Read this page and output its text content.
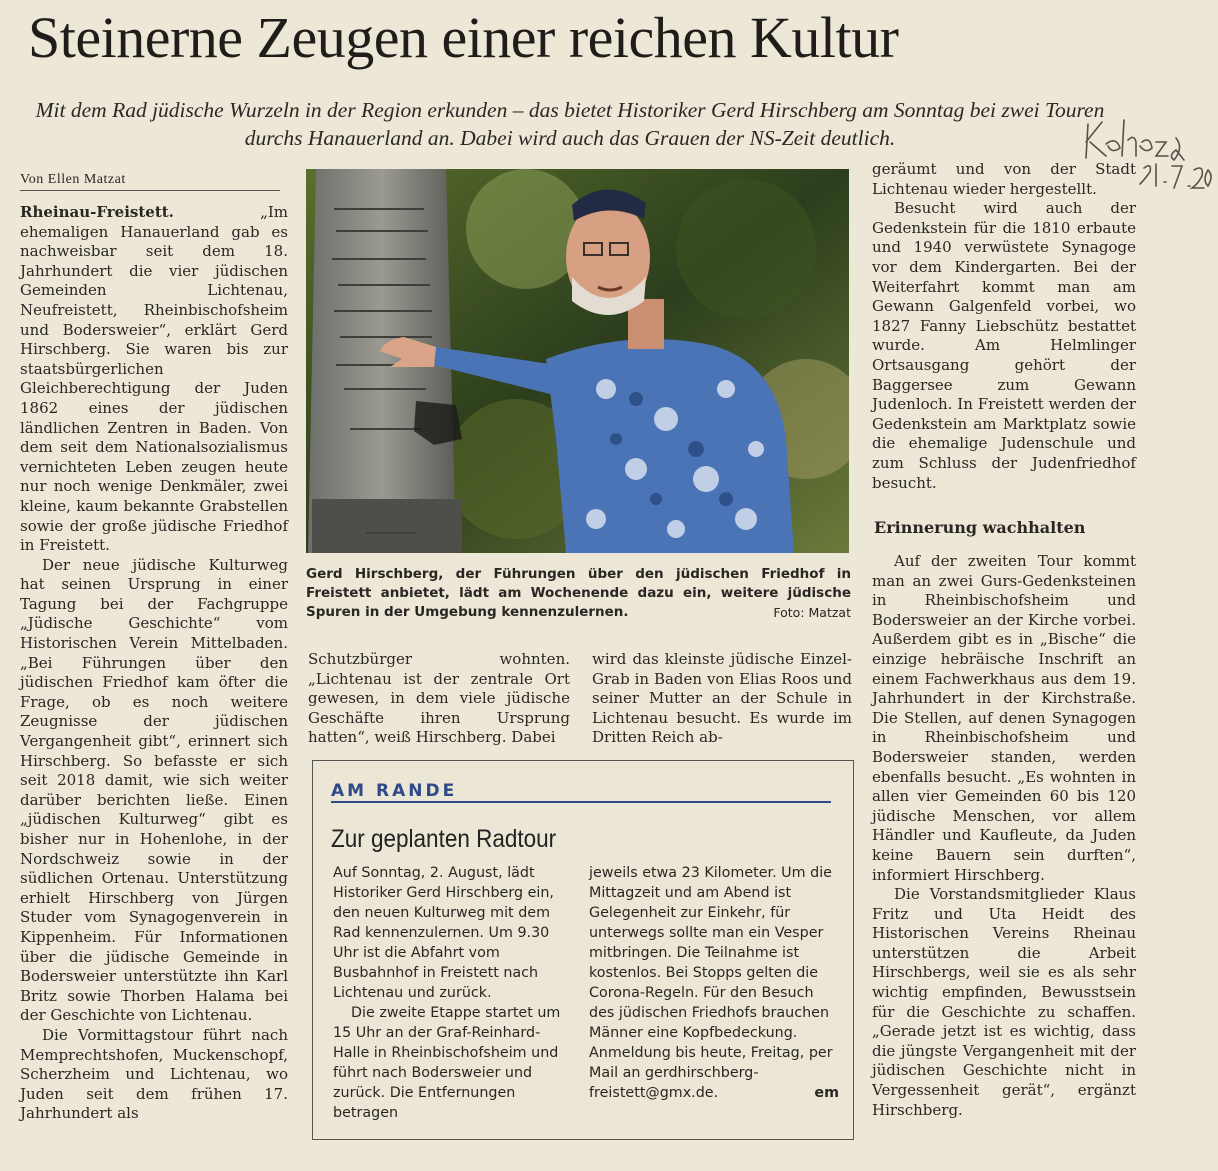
Steinerne Zeugen einer reichen Kultur
Mit dem Rad jüdische Wurzeln in der Region erkunden – das bietet Historiker Gerd Hirschberg am Sonntag bei zwei Touren durchs Hanauerland an. Dabei wird auch das Grauen der NS-Zeit deutlich.
Von Ellen Matzat

Rheinau-Freistett. „Im ehemaligen Hanauerland gab es nachweisbar seit dem 18. Jahrhundert die vier jüdischen Gemeinden Lichtenau, Neufreistett, Rheinbischofsheim und Bodersweier“, erklärt Gerd Hirschberg. Sie waren bis zur staatsbürgerlichen Gleichberechtigung der Juden 1862 eines der jüdischen ländlichen Zentren in Baden. Von dem seit dem Nationalsozialismus vernichteten Leben zeugen heute nur noch wenige Denkmäler, zwei kleine, kaum bekannte Grabstellen sowie der große jüdische Friedhof in Freistett.

Der neue jüdische Kulturweg hat seinen Ursprung in einer Tagung bei der Fachgruppe „Jüdische Geschichte“ vom Historischen Verein Mittelbaden. „Bei Führungen über den jüdischen Friedhof kam öfter die Frage, ob es noch weitere Zeugnisse der jüdischen Vergangenheit gibt“, erinnert sich Hirschberg. So befasste er sich seit 2018 damit, wie sich weiter darüber berichten ließe. Einen „jüdischen Kulturweg“ gibt es bisher nur in Hohenlohe, in der Nordschweiz sowie in der südlichen Ortenau. Unterstützung erhielt Hirschberg von Jürgen Studer vom Synagogenverein in Kippenheim. Für Informationen über die jüdische Gemeinde in Bodersweier unterstützte ihn Karl Britz sowie Thorben Halama bei der Geschichte von Lichtenau.

Die Vormittagstour führt nach Memprechtshofen, Muckenschopf, Scherzheim und Lichtenau, wo Juden seit dem frühen 17. Jahrhundert als

Gerd Hirschberg, der Führungen über den jüdischen Friedhof in Freistett anbietet, lädt am Wochenende dazu ein, weitere jüdische Spuren in der Umgebung kennenzulernen.	Foto: Matzat

Schutzbürger wohnten. „Lichtenau ist der zentrale Ort gewesen, in dem viele jüdische Geschäfte ihren Ursprung hatten“, weiß Hirschberg. Dabei

wird das kleinste jüdische Einzel-Grab in Baden von Elias Roos und seiner Mutter an der Schule in Lichtenau besucht. Es wurde im Dritten Reich ab-

geräumt und von der Stadt Lichtenau wieder hergestellt.

Besucht wird auch der Gedenkstein für die 1810 erbaute und 1940 verwüstete Synagoge vor dem Kindergarten. Bei der Weiterfahrt kommt man am Gewann Galgenfeld vorbei, wo 1827 Fanny Liebschütz bestattet wurde. Am Helmlinger Ortsausgang gehört der Baggersee zum Gewann Judenloch. In Freistett werden der Gedenkstein am Marktplatz sowie die ehemalige Judenschule und zum Schluss der Judenfriedhof besucht.

Erinnerung wachhalten

Auf der zweiten Tour kommt man an zwei Gurs-Gedenksteinen in Rheinbischofsheim und Bodersweier an der Kirche vorbei. Außerdem gibt es in „Bische“ die einzige hebräische Inschrift an einem Fachwerkhaus aus dem 19. Jahrhundert in der Kirchstraße. Die Stellen, auf denen Synagogen in Rheinbischofsheim und Bodersweier standen, werden ebenfalls besucht. „Es wohnten in allen vier Gemeinden 60 bis 120 jüdische Menschen, vor allem Händler und Kaufleute, da Juden keine Bauern sein durften“, informiert Hirschberg.

Die Vorstandsmitglieder Klaus Fritz und Uta Heidt des Historischen Vereins Rheinau unterstützen die Arbeit Hirschbergs, weil sie es als sehr wichtig empfinden, Bewusstsein für die Geschichte zu schaffen. „Gerade jetzt ist es wichtig, dass die jüngste Vergangenheit mit der jüdischen Geschichte nicht in Vergessenheit gerät“, ergänzt Hirschberg.

AM RANDE
Zur geplanten Radtour

Auf Sonntag, 2. August, lädt Historiker Gerd Hirschberg ein, den neuen Kulturweg mit dem Rad kennenzulernen. Um 9.30 Uhr ist die Abfahrt vom Busbahnhof in Freistett nach Lichtenau und zurück.

Die zweite Etappe startet um 15 Uhr an der Graf-Reinhard-Halle in Rheinbischofsheim und führt nach Bodersweier und zurück. Die Entfernungen betragen

jeweils etwa 23 Kilometer. Um die Mittagzeit und am Abend ist Gelegenheit zur Einkehr, für unterwegs sollte man ein Vesper mitbringen. Die Teilnahme ist kostenlos. Bei Stopps gelten die Corona-Regeln. Für den Besuch des jüdischen Friedhofs brauchen Männer eine Kopfbedeckung. Anmeldung bis heute, Freitag, per Mail an gerdhirschberg-freistett@gmx.de.	em
